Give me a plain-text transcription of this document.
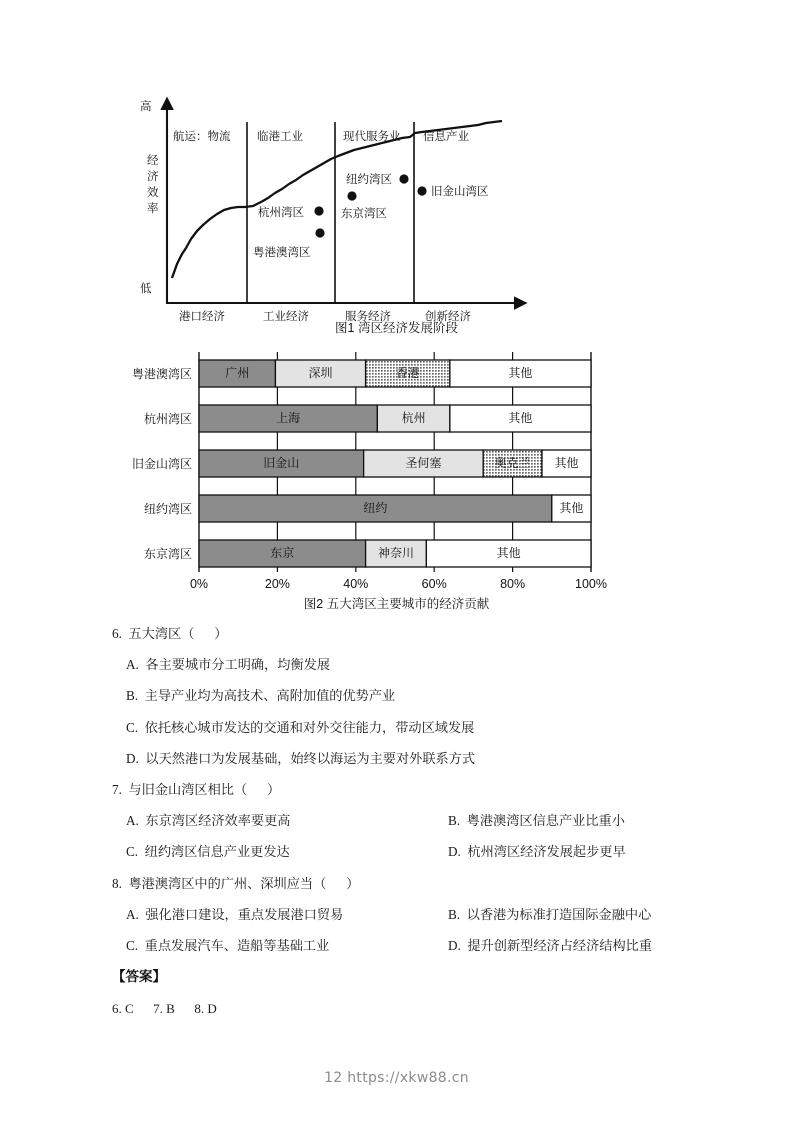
高
低
经
济
效
率
航运：物流 临港工业	现代服务业 信息产业
港口经济	工业经济	服务经济	创新经济
粤港澳湾区
杭州湾区	东京湾区
纽约湾区
旧金山湾区
图1 湾区经济发展阶段
粤港澳湾区	广州	深圳	香港	其他
杭州湾区	上海	杭州	其他
旧金山湾区	旧金山	圣何塞	奥克兰 其他
纽约湾区	纽约	其他
东京湾区	东京	神奈川	其他
0%	20%	40%	60%	80%	100%
图2 五大湾区主要城市的经济贡献
6.  五大湾区（      ）
A.  各主要城市分工明确，均衡发展
B.  主导产业均为高技术、高附加值的优势产业
C.  依托核心城市发达的交通和对外交往能力，带动区域发展
D.  以天然港口为发展基础，始终以海运为主要对外联系方式
7.  与旧金山湾区相比（      ）
A.  东京湾区经济效率要更高	B.  粤港澳湾区信息产业比重小
C.  纽约湾区信息产业更发达	D.  杭州湾区经济发展起步更早
8.  粤港澳湾区中的广州、深圳应当（      ）
A.  强化港口建设，重点发展港口贸易	B.  以香港为标准打造国际金融中心
C.  重点发展汽车、造船等基础工业	D.  提升创新型经济占经济结构比重
【答案】
6. C      7. B      8. D
12 https://xkw88.cn
